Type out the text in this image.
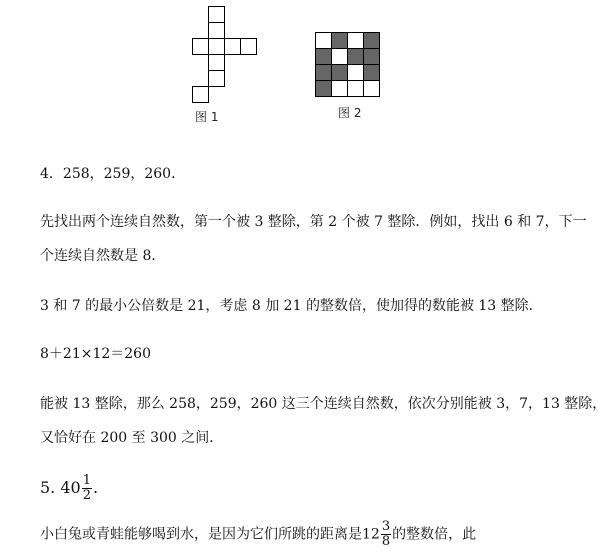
图 1	图 2
4．258，259，260．
先找出两个连续自然数，第一个被 3 整除，第 2 个被 7 整除．例如，找出 6 和 7，下一
个连续自然数是 8．
3 和 7 的最小公倍数是 21，考虑 8 加 21 的整数倍，使加得的数能被 13 整除．
8＋21×12＝260
能被 13 整除，那么 258，259，260 这三个连续自然数，依次分别能被 3，7，13 整除，
又恰好在 200 至 300 之间．
5. $40 \frac{1}{2}$ .
小白兔或青蛙能够喝到水，是因为它们所跳的距离是$12 \frac{3}{8}$ 的整数倍，此
